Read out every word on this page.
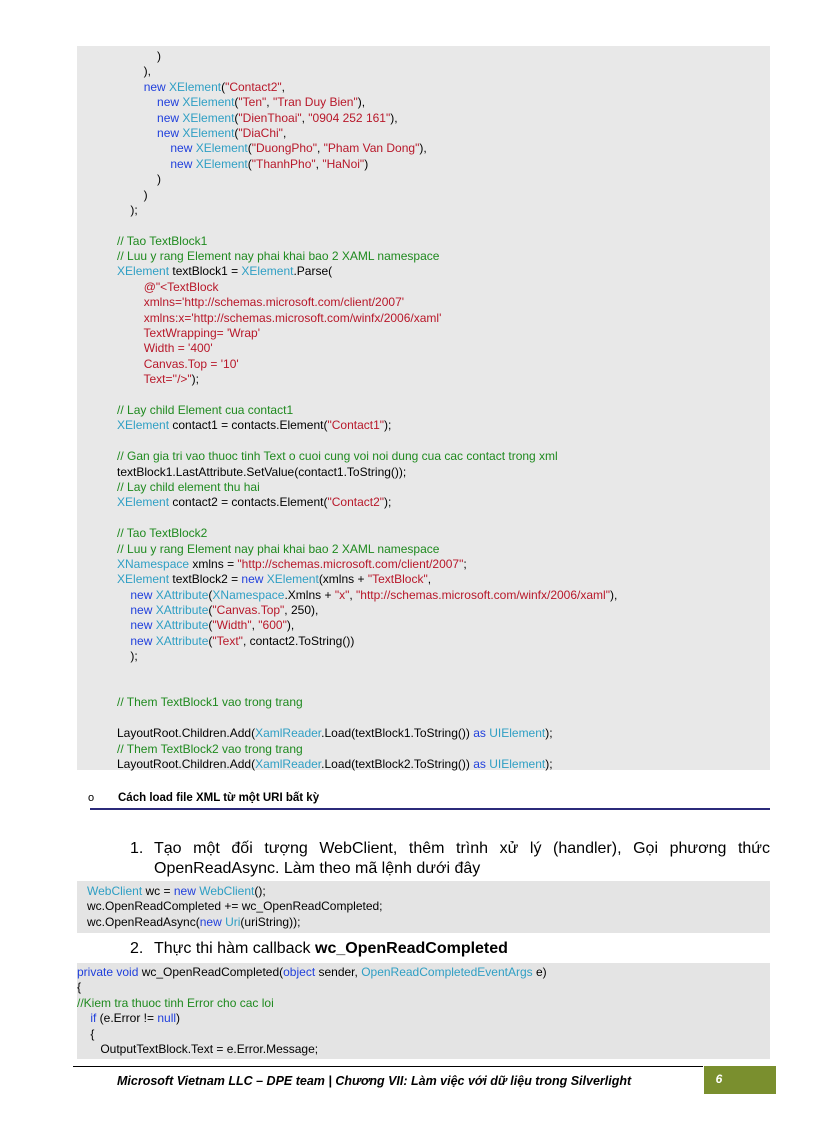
)
),
new XElement("Contact2",
new XElement("Ten", "Tran Duy Bien"),
new XElement("DienThoai", "0904 252 161"),
new XElement("DiaChi",
new XElement("DuongPho", "Pham Van Dong"),
new XElement("ThanhPho", "HaNoi")
)
)
);
// Tao TextBlock1
// Luu y rang Element nay phai khai bao 2 XAML namespace
XElement textBlock1 = XElement.Parse(
@"<TextBlock
xmlns='http://schemas.microsoft.com/client/2007'
xmlns:x='http://schemas.microsoft.com/winfx/2006/xaml'
TextWrapping= 'Wrap'
Width = '400'
Canvas.Top = '10'
Text=''/>");
// Lay child Element cua contact1
XElement contact1 = contacts.Element("Contact1");
// Gan gia tri vao thuoc tinh Text o cuoi cung voi noi dung cua cac contact trong xml
textBlock1.LastAttribute.SetValue(contact1.ToString());
// Lay child element thu hai
XElement contact2 = contacts.Element("Contact2");
// Tao TextBlock2
// Luu y rang Element nay phai khai bao 2 XAML namespace
XNamespace xmlns = "http://schemas.microsoft.com/client/2007";
XElement textBlock2 = new XElement(xmlns + "TextBlock",
new XAttribute(XNamespace.Xmlns + "x", "http://schemas.microsoft.com/winfx/2006/xaml"),
new XAttribute("Canvas.Top", 250),
new XAttribute("Width", "600"),
new XAttribute("Text", contact2.ToString())
);
// Them TextBlock1 vao trong trang
LayoutRoot.Children.Add(XamlReader.Load(textBlock1.ToString()) as UIElement);
// Them TextBlock2 vao trong trang
LayoutRoot.Children.Add(XamlReader.Load(textBlock2.ToString()) as UIElement);
o Cách load file XML từ một URI bất kỳ
1. Tạo một đối tượng WebClient, thêm trình xử lý (handler), Gọi phương thức OpenReadAsync. Làm theo mã lệnh dưới đây
WebClient wc = new WebClient();
wc.OpenReadCompleted += wc_OpenReadCompleted;
wc.OpenReadAsync(new Uri(uriString));
2. Thực thi hàm callback wc_OpenReadCompleted
private void wc_OpenReadCompleted(object sender, OpenReadCompletedEventArgs e)
{
//Kiem tra thuoc tinh Error cho cac loi
if (e.Error != null)
{
OutputTextBlock.Text = e.Error.Message;
Microsoft Vietnam LLC – DPE team | Chương VII: Làm việc với dữ liệu trong Silverlight	6
